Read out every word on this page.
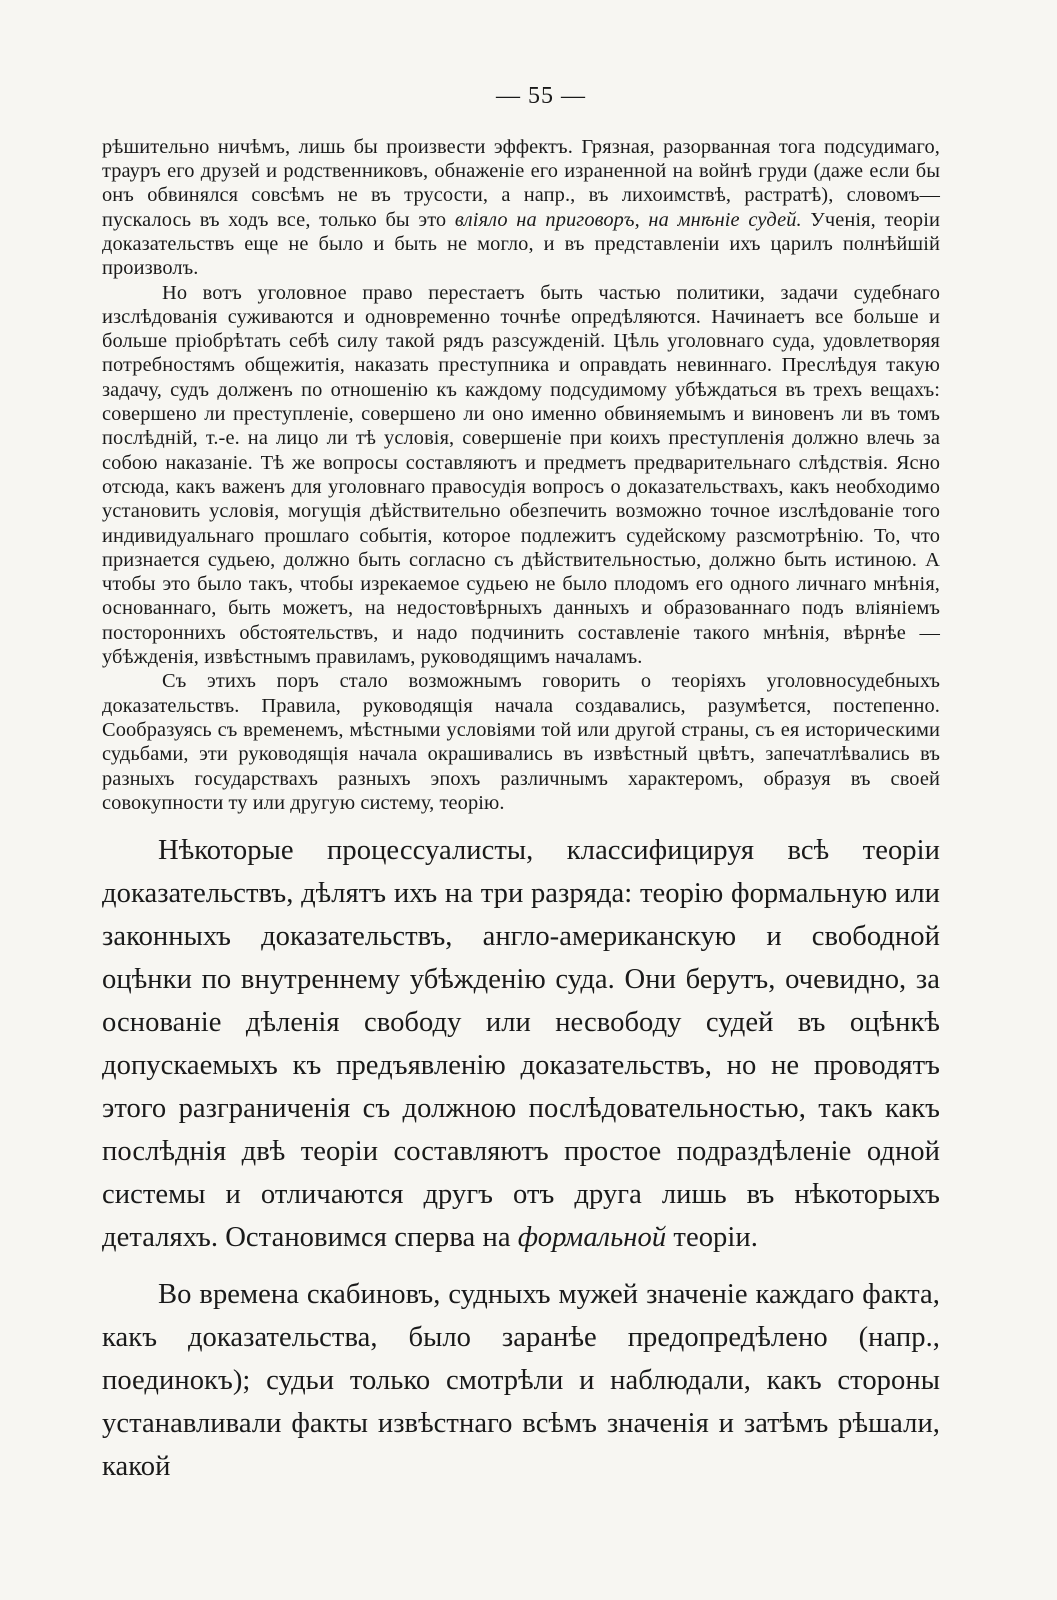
— 55 —

рѣшительно ничѣмъ, лишь бы произвести эффектъ. Грязная, разорванная тога подсудимаго, трауръ его друзей и родственниковъ, обнаженіе его израненной на войнѣ груди (даже если бы онъ обвинялся совсѣмъ не въ трусости, а напр., въ лихоимствѣ, растратѣ), словомъ—пускалось въ ходъ все, только бы это вліяло на приговоръ, на мнѣніе судей. Ученія, теоріи доказательствъ еще не было и быть не могло, и въ представленіи ихъ царилъ полнѣйшій произволъ.

Но вотъ уголовное право перестаетъ быть частью политики, задачи судебнаго изслѣдованія суживаются и одновременно точнѣе опредѣляются. Начинаетъ все больше и больше пріобрѣтать себѣ силу такой рядъ разсужденій. Цѣль уголовнаго суда, удовлетворяя потребностямъ общежитія, наказать преступника и оправдать невиннаго. Преслѣдуя такую задачу, судъ долженъ по отношенію къ каждому подсудимому убѣждаться въ трехъ вещахъ: совершено ли преступленіе, совершено ли оно именно обвиняемымъ и виновенъ ли въ томъ послѣдній, т.-е. на лицо ли тѣ условія, совершеніе при коихъ преступленія должно влечь за собою наказаніе. Тѣ же вопросы составляютъ и предметъ предварительнаго слѣдствія. Ясно отсюда, какъ важенъ для уголовнаго правосудія вопросъ о доказательствахъ, какъ необходимо установить условія, могущія дѣйствительно обезпечить возможно точное изслѣдованіе того индивидуальнаго прошлаго событія, которое подлежитъ судейскому разсмотрѣнію. То, что признается судьею, должно быть согласно съ дѣйствительностью, должно быть истиною. А чтобы это было такъ, чтобы изрекаемое судьею не было плодомъ его одного личнаго мнѣнія, основаннаго, быть можетъ, на недостовѣрныхъ данныхъ и образованнаго подъ вліяніемъ постороннихъ обстоятельствъ, и надо подчинить составленіе такого мнѣнія, вѣрнѣе — убѣжденія, извѣстнымъ правиламъ, руководящимъ началамъ.

Съ этихъ поръ стало возможнымъ говорить о теоріяхъ уголовносудебныхъ доказательствъ. Правила, руководящія начала создавались, разумѣется, постепенно. Сообразуясь съ временемъ, мѣстными условіями той или другой страны, съ ея историческими судьбами, эти руководящія начала окрашивались въ извѣстный цвѣтъ, запечатлѣвались въ разныхъ государствахъ разныхъ эпохъ различнымъ характеромъ, образуя въ своей совокупности ту или другую систему, теорію.

Нѣкоторые процессуалисты, классифицируя всѣ теоріи доказательствъ, дѣлятъ ихъ на три разряда: теорію формальную или законныхъ доказательствъ, англо-американскую и свободной оцѣнки по внутреннему убѣжденію суда. Они берутъ, очевидно, за основаніе дѣленія свободу или несвободу судей въ оцѣнкѣ допускаемыхъ къ предъявленію доказательствъ, но не проводятъ этого разграниченія съ должною послѣдовательностью, такъ какъ послѣднія двѣ теоріи составляютъ простое подраздѣленіе одной системы и отличаются другъ отъ друга лишь въ нѣкоторыхъ деталяхъ. Остановимся сперва на формальной теоріи.

Во времена скабиновъ, судныхъ мужей значеніе каждаго факта, какъ доказательства, было заранѣе предопредѣлено (напр., поединокъ); судьи только смотрѣли и наблюдали, какъ стороны устанавливали факты извѣстнаго всѣмъ значенія и затѣмъ рѣшали, какой
